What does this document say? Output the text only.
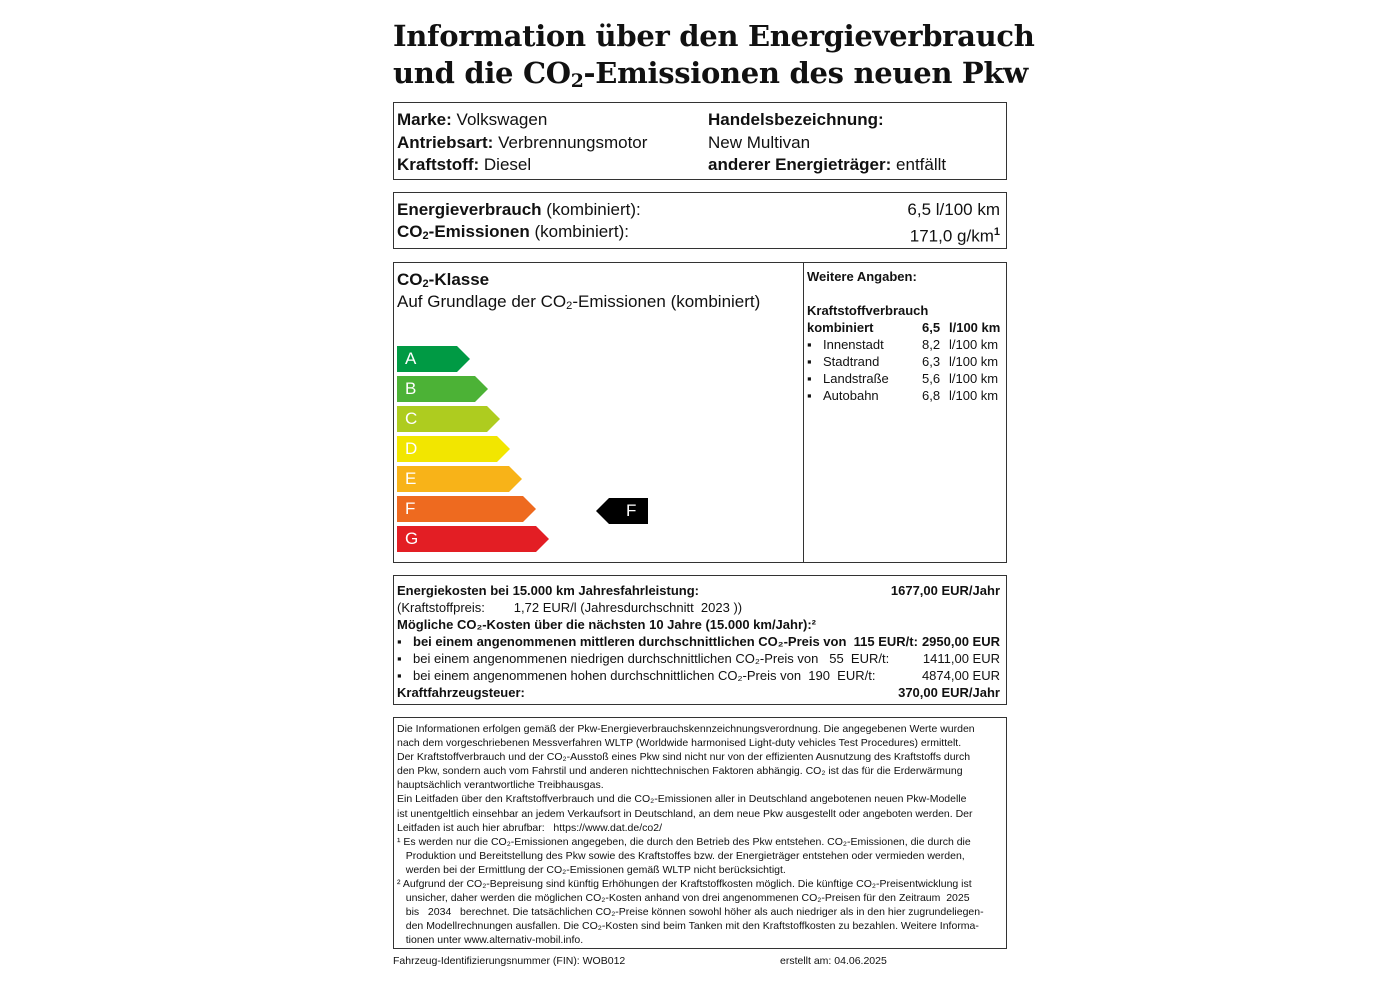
Information über den Energieverbrauch
und die $CO_2$-Emissionen des neuen Pkw
Marke: Volkswagen
Antriebsart: Verbrennungsmotor
Kraftstoff: Diesel
Handelsbezeichnung:
New Multivan
anderer Energieträger: entfällt
Energieverbrauch (kombiniert):	6,5 l/100 km
$CO_2$-Emissionen (kombiniert):	171,0 $g/km^1$
$CO_2$-Klasse
Auf Grundlage der $CO_2$-Emissionen (kombiniert)
A
B
C
D
E
F
G
F
Weitere Angaben:
Kraftstoffverbrauch
kombiniert	6,5 l/100 km
▪ Innenstadt	8,2 l/100 km
▪ Stadtrand	6,3 l/100 km
▪ Landstraße	5,6 l/100 km
▪ Autobahn	6,8 l/100 km
Energiekosten bei 15.000 km Jahresfahrleistung:	1677,00 EUR/Jahr
(Kraftstoffpreis:        1,72 EUR/l (Jahresdurchschnitt  2023 ))
Mögliche CO₂-Kosten über die nächsten 10 Jahre (15.000 km/Jahr):²
▪ bei einem angenommenen mittleren durchschnittlichen CO₂-Preis von  115 EUR/t: 2950,00 EUR
▪ bei einem angenommenen niedrigen durchschnittlichen CO₂-Preis von   55  EUR/t:	1411,00 EUR
▪ bei einem angenommenen hohen durchschnittlichen CO₂-Preis von  190  EUR/t:	4874,00 EUR
Kraftfahrzeugsteuer:	370,00 EUR/Jahr
Die Informationen erfolgen gemäß der Pkw-Energieverbrauchskennzeichnungsverordnung. Die angegebenen Werte wurden
nach dem vorgeschriebenen Messverfahren WLTP (Worldwide harmonised Light-duty vehicles Test Procedures) ermittelt.
Der Kraftstoffverbrauch und der CO₂-Ausstoß eines Pkw sind nicht nur von der effizienten Ausnutzung des Kraftstoffs durch
den Pkw, sondern auch vom Fahrstil und anderen nichttechnischen Faktoren abhängig. CO₂ ist das für die Erderwärmung
hauptsächlich verantwortliche Treibhausgas.
Ein Leitfaden über den Kraftstoffverbrauch und die CO₂-Emissionen aller in Deutschland angebotenen neuen Pkw-Modelle
ist unentgeltlich einsehbar an jedem Verkaufsort in Deutschland, an dem neue Pkw ausgestellt oder angeboten werden. Der
Leitfaden ist auch hier abrufbar:   https://www.dat.de/co2/
¹ Es werden nur die CO₂-Emissionen angegeben, die durch den Betrieb des Pkw entstehen. CO₂-Emissionen, die durch die
Produktion und Bereitstellung des Pkw sowie des Kraftstoffes bzw. der Energieträger entstehen oder vermieden werden,
werden bei der Ermittlung der CO₂-Emissionen gemäß WLTP nicht berücksichtigt.
² Aufgrund der CO₂-Bepreisung sind künftig Erhöhungen der Kraftstoffkosten möglich. Die künftige CO₂-Preisentwicklung ist
unsicher, daher werden die möglichen CO₂-Kosten anhand von drei angenommenen CO₂-Preisen für den Zeitraum  2025
bis   2034   berechnet. Die tatsächlichen CO₂-Preise können sowohl höher als auch niedriger als in den hier zugrundeliegen-
den Modellrechnungen ausfallen. Die CO₂-Kosten sind beim Tanken mit den Kraftstoffkosten zu bezahlen. Weitere Informa-
tionen unter www.alternativ-mobil.info.
Fahrzeug-Identifizierungsnummer (FIN): WOB012	erstellt am: 04.06.2025
